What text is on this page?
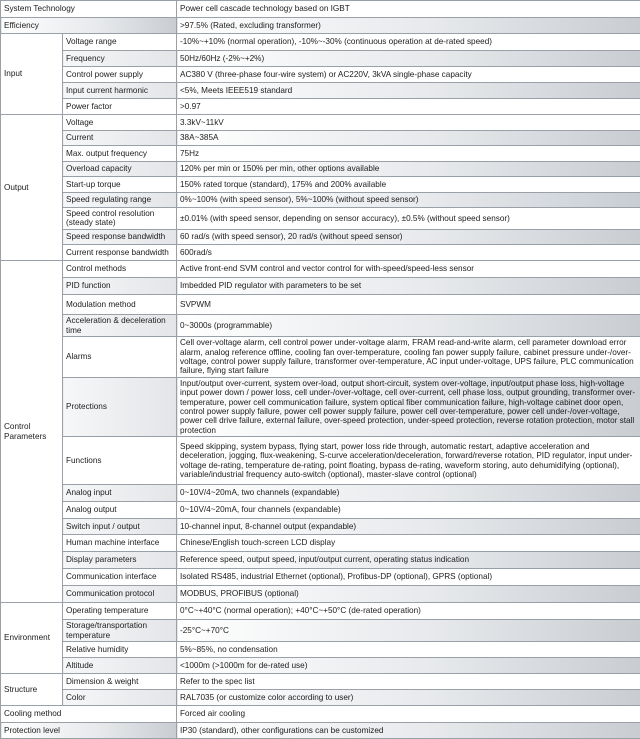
System Technology		Power cell cascade technology based on IGBT
Efficiency		>97.5% (Rated, excluding transformer)
Input	Voltage range	-10%~+10% (normal operation), -10%~-30% (continuous operation at de-rated speed)
	Frequency	50Hz/60Hz (-2%~+2%)
	Control power supply	AC380 V (three-phase four-wire system) or AC220V, 3kVA single-phase capacity
	Input current harmonic	<5%, Meets IEEE519 standard
	Power factor	>0.97
Output	Voltage	3.3kV~11kV
	Current	38A~385A
	Max. output frequency	75Hz
	Overload capacity	120% per min or 150% per min, other options available
	Start-up torque	150% rated torque (standard), 175% and 200% available
	Speed regulating range	0%~100% (with speed sensor), 5%~100% (without speed sensor)
	Speed control resolution (steady state)	±0.01% (with speed sensor, depending on sensor accuracy), ±0.5% (without speed sensor)
	Speed response bandwidth	60 rad/s (with speed sensor), 20 rad/s (without speed sensor)
	Current response bandwidth	600rad/s
Control Parameters	Control methods	Active front-end SVM control and vector control for with-speed/speed-less sensor
	PID function	Imbedded PID regulator with parameters to be set
	Modulation method	SVPWM
	Acceleration & deceleration time	0~3000s (programmable)
	Alarms	Cell over-voltage alarm, cell control power under-voltage alarm, FRAM read-and-write alarm, cell parameter download error alarm, analog reference offline, cooling fan over-temperature, cooling fan power supply failure, cabinet pressure under-/over-voltage, control power supply failure, transformer over-temperature, AC input under-voltage, UPS failure, PLC communication failure, flying start failure
	Protections	Input/output over-current, system over-load, output short-circuit, system over-voltage, input/output phase loss, high-voltage input power down / power loss, cell under-/over-voltage, cell over-current, cell phase loss, output grounding, transformer over-temperature, power cell communication failure, system optical fiber communication failure, high-voltage cabinet door open, control power supply failure, power cell power supply failure, power cell over-temperature, power cell under-/over-voltage, power cell drive failure, external failure, over-speed protection, under-speed protection, reverse rotation protection, motor stall protection
	Functions	Speed skipping, system bypass, flying start, power loss ride through, automatic restart, adaptive acceleration and deceleration, jogging, flux-weakening, S-curve acceleration/deceleration, forward/reverse rotation, PID regulator, input under-voltage de-rating, temperature de-rating, point floating, bypass de-rating, waveform storing, auto dehumidifying (optional), variable/industrial frequency auto-switch (optional), master-slave control (optional)
	Analog input	0~10V/4~20mA, two channels (expandable)
	Analog output	0~10V/4~20mA, four channels (expandable)
	Switch input / output	10-channel input, 8-channel output (expandable)
	Human machine interface	Chinese/English touch-screen LCD display
	Display parameters	Reference speed, output speed, input/output current, operating status indication
	Communication interface	Isolated RS485, industrial Ethernet (optional), Profibus-DP (optional), GPRS (optional)
	Communication protocol	MODBUS, PROFIBUS (optional)
Environment	Operating temperature	0°C~+40°C (normal operation); +40°C~+50°C (de-rated operation)
	Storage/transportation temperature	-25°C~+70°C
	Relative humidity	5%~85%, no condensation
	Altitude	<1000m (>1000m for de-rated use)
Structure	Dimension & weight	Refer to the spec list
	Color	RAL7035 (or customize color according to user)
Cooling method		Forced air cooling
Protection level		IP30 (standard), other configurations can be customized
